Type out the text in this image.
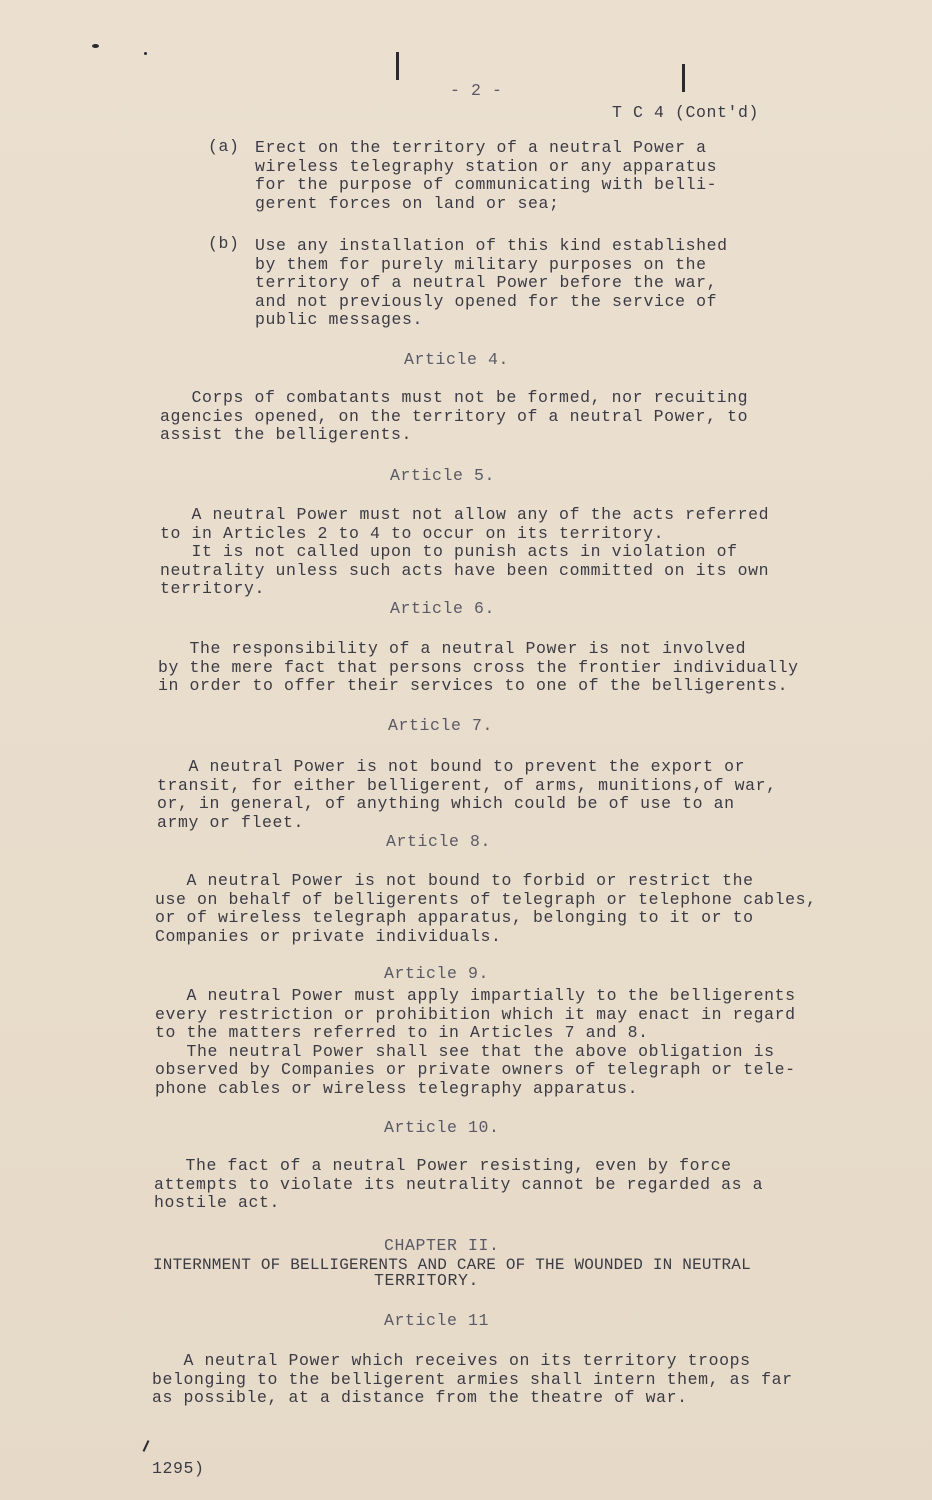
- 2 -
T C 4 (Cont'd)
(a) Erect on the territory of a neutral Power a
wireless telegraphy station or any apparatus
for the purpose of communicating with belli-
gerent forces on land or sea;
(b) Use any installation of this kind established
by them for purely military purposes on the
territory of a neutral Power before the war,
and not previously opened for the service of
public messages.
Article 4.
Corps of combatants must not be formed, nor recuiting
agencies opened, on the territory of a neutral Power, to
assist the belligerents.
Article 5.
A neutral Power must not allow any of the acts referred
to in Articles 2 to 4 to occur on its territory.
It is not called upon to punish acts in violation of
neutrality unless such acts have been committed on its own
territory.
Article 6.
The responsibility of a neutral Power is not involved
by the mere fact that persons cross the frontier individually
in order to offer their services to one of the belligerents.
Article 7.
A neutral Power is not bound to prevent the export or
transit, for either belligerent, of arms, munitions,of war,
or, in general, of anything which could be of use to an
army or fleet.
Article 8.
A neutral Power is not bound to forbid or restrict the
use on behalf of belligerents of telegraph or telephone cables,
or of wireless telegraph apparatus, belonging to it or to
Companies or private individuals.
Article 9.
A neutral Power must apply impartially to the belligerents
every restriction or prohibition which it may enact in regard
to the matters referred to in Articles 7 and 8.
The neutral Power shall see that the above obligation is
observed by Companies or private owners of telegraph or tele-
phone cables or wireless telegraphy apparatus.
Article 10.
The fact of a neutral Power resisting, even by force
attempts to violate its neutrality cannot be regarded as a
hostile act.
CHAPTER II.
INTERNMENT OF BELLIGERENTS AND CARE OF THE WOUNDED IN NEUTRAL
TERRITORY.
Article 11
A neutral Power which receives on its territory troops
belonging to the belligerent armies shall intern them, as far
as possible, at a distance from the theatre of war.
1295)
